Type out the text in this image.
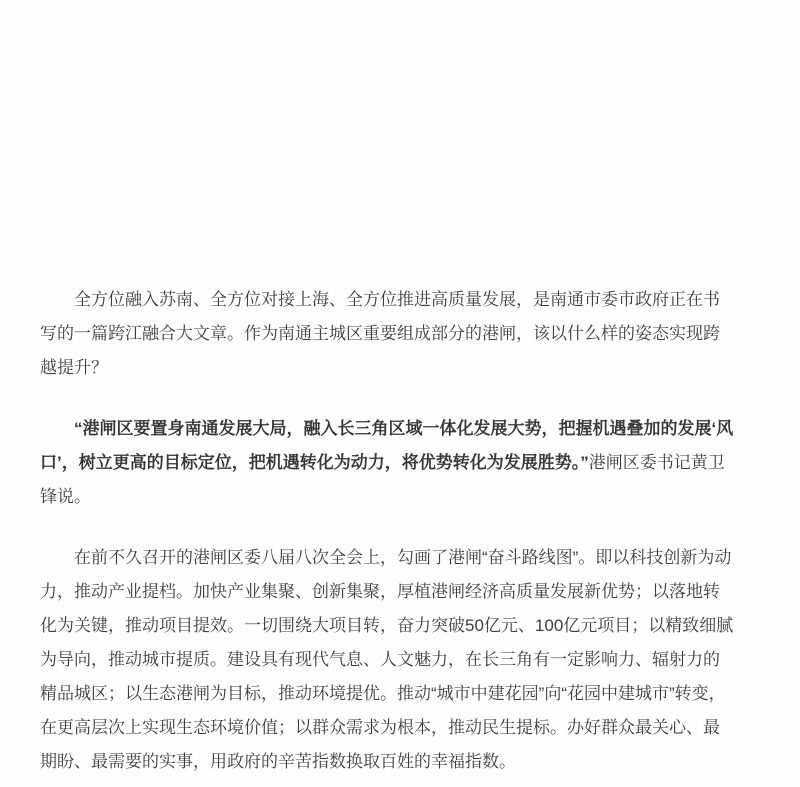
全方位融入苏南、全方位对接上海、全方位推进高质量发展，是南通市委市政府正在书写的一篇跨江融合大文章。作为南通主城区重要组成部分的港闸，该以什么样的姿态实现跨越提升？

“港闸区要置身南通发展大局，融入长三角区域一体化发展大势，把握机遇叠加的发展‘风口’，树立更高的目标定位，把机遇转化为动力，将优势转化为发展胜势。”港闸区委书记黄卫锋说。

在前不久召开的港闸区委八届八次全会上，勾画了港闸“奋斗路线图”。即以科技创新为动力，推动产业提档。加快产业集聚、创新集聚，厚植港闸经济高质量发展新优势；以落地转化为关键，推动项目提效。一切围绕大项目转，奋力突破50亿元、100亿元项目；以精致细腻为导向，推动城市提质。建设具有现代气息、人文魅力，在长三角有一定影响力、辐射力的精品城区；以生态港闸为目标，推动环境提优。推动“城市中建花园”向“花园中建城市”转变，在更高层次上实现生态环境价值；以群众需求为根本，推动民生提标。办好群众最关心、最期盼、最需要的实事，用政府的辛苦指数换取百姓的幸福指数。
